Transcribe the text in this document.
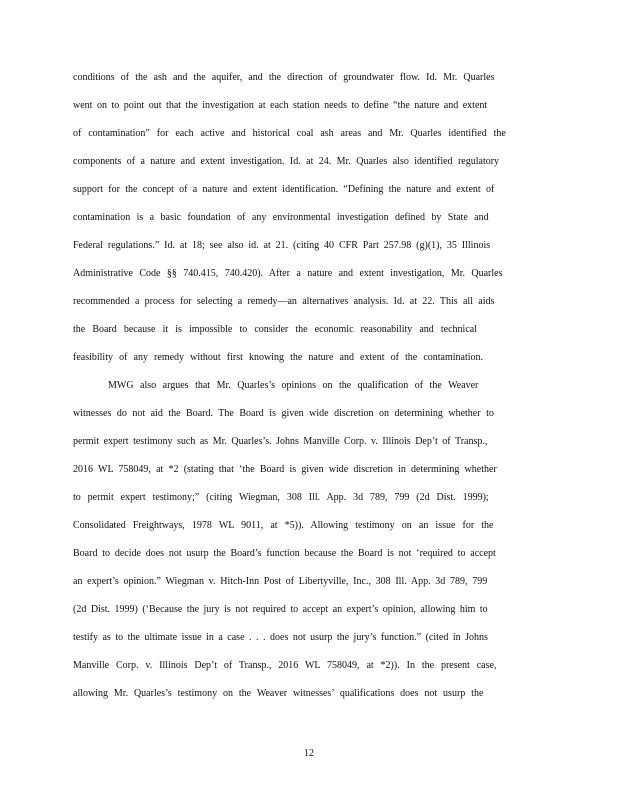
conditions of the ash and the aquifer, and the direction of groundwater flow. Id. Mr. Quarles
went on to point out that the investigation at each station needs to define “the nature and extent
of contamination” for each active and historical coal ash areas and Mr. Quarles identified the
components of a nature and extent investigation. Id. at 24. Mr. Quarles also identified regulatory
support for the concept of a nature and extent identification. “Defining the nature and extent of
contamination is a basic foundation of any environmental investigation defined by State and
Federal regulations.” Id. at 18; see also id. at 21. (citing 40 CFR Part 257.98 (g)(1), 35 Illinois
Administrative Code §§ 740.415, 740.420). After a nature and extent investigation, Mr. Quarles
recommended a process for selecting a remedy—an alternatives analysis. Id. at 22. This all aids
the Board because it is impossible to consider the economic reasonability and technical
feasibility of any remedy without first knowing the nature and extent of the contamination.
MWG also argues that Mr. Quarles’s opinions on the qualification of the Weaver
witnesses do not aid the Board. The Board is given wide discretion on determining whether to
permit expert testimony such as Mr. Quarles’s. Johns Manville Corp. v. Illinois Dep’t of Transp.,
2016 WL 758049, at *2 (stating that ‘the Board is given wide discretion in determining whether
to permit expert testimony;” (citing Wiegman, 308 Ill. App. 3d 789, 799 (2d Dist. 1999);
Consolidated Freightways, 1978 WL 9011, at *5)). Allowing testimony on an issue for the
Board to decide does not usurp the Board’s function because the Board is not ‘required to accept
an expert’s opinion.” Wiegman v. Hitch-Inn Post of Libertyville, Inc., 308 Ill. App. 3d 789, 799
(2d Dist. 1999) (‘Because the jury is not required to accept an expert’s opinion, allowing him to
testify as to the ultimate issue in a case . . . does not usurp the jury’s function.” (cited in Johns
Manville Corp. v. Illinois Dep’t of Transp., 2016 WL 758049, at *2)). In the present case,
allowing Mr. Quarles’s testimony on the Weaver witnesses’ qualifications does not usurp the
12
